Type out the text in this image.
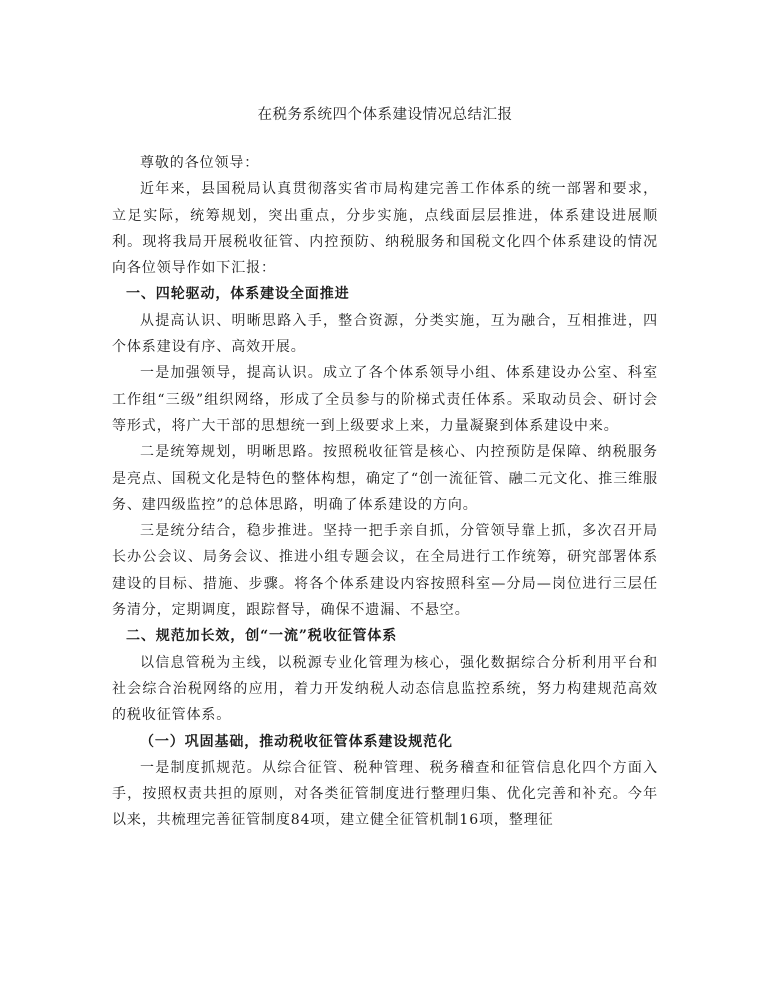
在税务系统四个体系建设情况总结汇报

尊敬的各位领导：

近年来，县国税局认真贯彻落实省市局构建完善工作体系的统一部署和要求，立足实际，统筹规划，突出重点，分步实施，点线面层层推进，体系建设进展顺利。现将我局开展税收征管、内控预防、纳税服务和国税文化四个体系建设的情况向各位领导作如下汇报：

一、四轮驱动，体系建设全面推进

从提高认识、明晰思路入手，整合资源，分类实施，互为融合，互相推进，四个体系建设有序、高效开展。

一是加强领导，提高认识。成立了各个体系领导小组、体系建设办公室、科室工作组“三级”组织网络，形成了全员参与的阶梯式责任体系。采取动员会、研讨会等形式，将广大干部的思想统一到上级要求上来，力量凝聚到体系建设中来。

二是统筹规划，明晰思路。按照税收征管是核心、内控预防是保障、纳税服务是亮点、国税文化是特色的整体构想，确定了“创一流征管、融二元文化、推三维服务、建四级监控”的总体思路，明确了体系建设的方向。

三是统分结合，稳步推进。坚持一把手亲自抓，分管领导靠上抓，多次召开局长办公会议、局务会议、推进小组专题会议，在全局进行工作统筹，研究部署体系建设的目标、措施、步骤。将各个体系建设内容按照科室—分局—岗位进行三层任务清分，定期调度，跟踪督导，确保不遗漏、不悬空。

二、规范加长效，创“一流”税收征管体系

以信息管税为主线，以税源专业化管理为核心，强化数据综合分析利用平台和社会综合治税网络的应用，着力开发纳税人动态信息监控系统，努力构建规范高效的税收征管体系。

（一）巩固基础，推动税收征管体系建设规范化

一是制度抓规范。从综合征管、税种管理、税务稽查和征管信息化四个方面入手，按照权责共担的原则，对各类征管制度进行整理归集、优化完善和补充。今年以来，共梳理完善征管制度84项，建立健全征管机制16项，整理征
